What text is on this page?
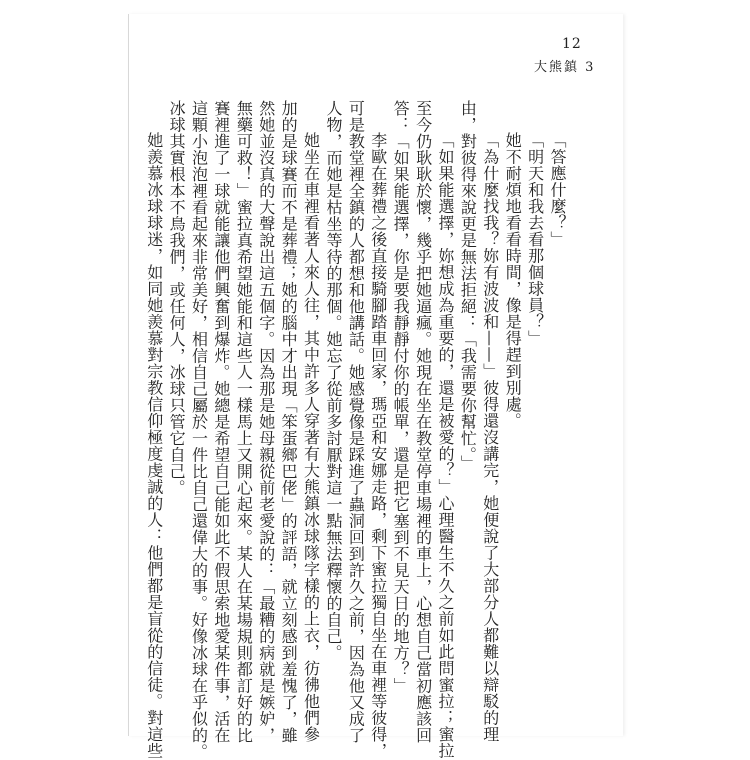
12
大熊鎮 3

「答應什麼？」

「明天和我去看那個球員？」

她不耐煩地看看時間，像是得趕到別處。

「為什麼找我？妳有波波和——」彼得還沒講完，她便說了大部分人都難以辯駁的理

由，對彼得來說更是無法拒絕：「我需要你幫忙。」

「如果能選擇，妳想成為重要的，還是被愛的？」心理醫生不久之前如此問蜜拉；蜜拉

至今仍耿耿於懷，幾乎把她逼瘋。她現在坐在教堂停車場裡的車上，心想自己當初應該回

答：「如果能選擇，你是要我靜靜付你的帳單，還是把它塞到不見天日的地方？」

李歐在葬禮之後直接騎腳踏車回家，瑪亞和安娜走路，剩下蜜拉獨自坐在車裡等彼得，

可是教堂裡全鎮的人都想和他講話。她感覺像是踩進了蟲洞回到許久之前，因為他又成了

人物，而她是枯坐等待的那個。她忘了從前多討厭對這一點無法釋懷的自己。

她坐在車裡看著人來人往，其中許多人穿著有大熊鎮冰球隊字樣的上衣，彷彿他們參

加的是球賽而不是葬禮；她的腦中才出現「笨蛋鄉巴佬」的評語，就立刻感到羞愧了，雖

然她並沒真的大聲說出這五個字。因為那是她母親從前老愛說的：「最糟的病就是嫉妒，

無藥可救！」蜜拉真希望她能和這些人一樣馬上又開心起來。某人在某場規則都訂好的比

賽裡進了一球就能讓他們興奮到爆炸。她總是希望自己能如此不假思索地愛某件事，活在

這顆小泡泡裡看起來非常美好，相信自己屬於一件比自己還偉大的事。好像冰球在乎似的。

冰球其實根本不鳥我們，或任何人，冰球只管它自己。

她羨慕冰球球迷，如同她羨慕對宗教信仰極度虔誠的人：他們都是盲從的信徒。對這些
